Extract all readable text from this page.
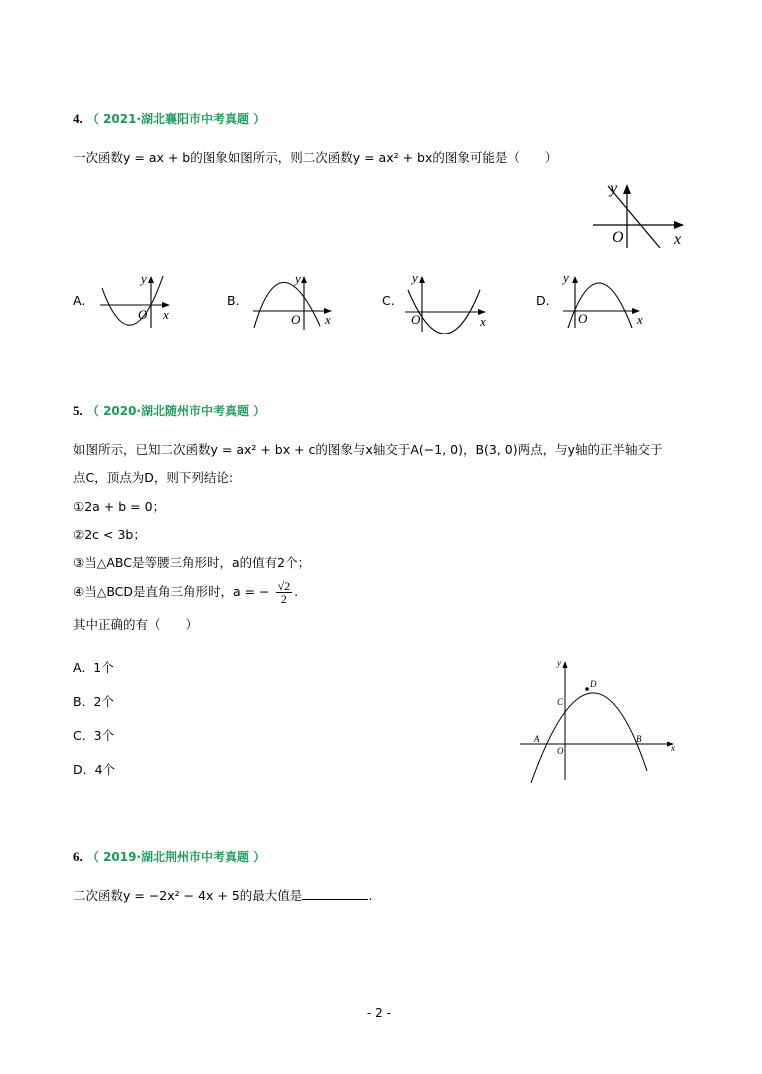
4. （ 2021·湖北襄阳市中考真题 ）
一次函数y = ax + b的图象如图所示，则二次函数y = ax² + bx的图象可能是（　　）
y
O	x
A.
y
O x
B.
y
O x
C.
y
O	x
D.
y
O	x
5. （ 2020·湖北随州市中考真题 ）
如图所示，已知二次函数y = ax² + bx + c的图象与x轴交于A(−1, 0)，B(3, 0)两点，与y轴的正半轴交于
点C，顶点为D，则下列结论:
①2a + b = 0；
②2c < 3b；
③当△ABC是等腰三角形时，a的值有2个；
④当△BCD是直角三角形时，a = − $\frac{√2}{2}$ .
其中正确的有（　　）
A. 1个
B. 2个
C. 3个
D. 4个
y
x
O
A	B
C
D
6. （ 2019·湖北荆州市中考真题 ）
二次函数y = −2x² − 4x + 5的最大值是	.
- 2 -
